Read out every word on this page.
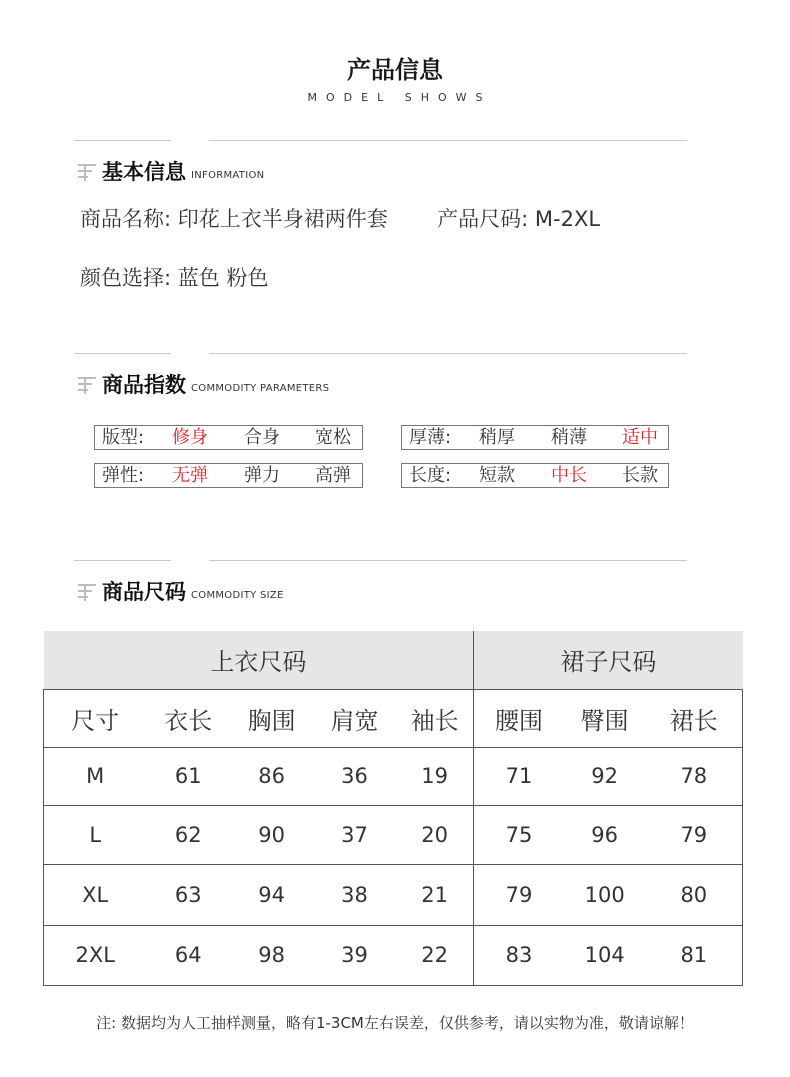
产品信息
MODEL SHOWS
基本信息 INFORMATION
商品名称: 印花上衣半身裙两件套 产品尺码: M-2XL
颜色选择: 蓝色 粉色
商品指数 COMMODITY PARAMETERS
版型: 修身 合身 宽松	厚薄: 稍厚 稍薄 适中
弹性: 无弹 弹力 高弹	长度: 短款 中长 长款
商品尺码 COMMODITY SIZE
上衣尺码					裙子尺码		
尺寸	衣长	胸围	肩宽	袖长	腰围	臀围	裙长
M	61	86	36	19	71	92	78
L	62	90	37	20	75	96	79
XL	63	94	38	21	79	100	80
2XL	64	98	39	22	83	104	81
注: 数据均为人工抽样测量，略有1-3CM左右误差，仅供参考，请以实物为准，敬请谅解！
